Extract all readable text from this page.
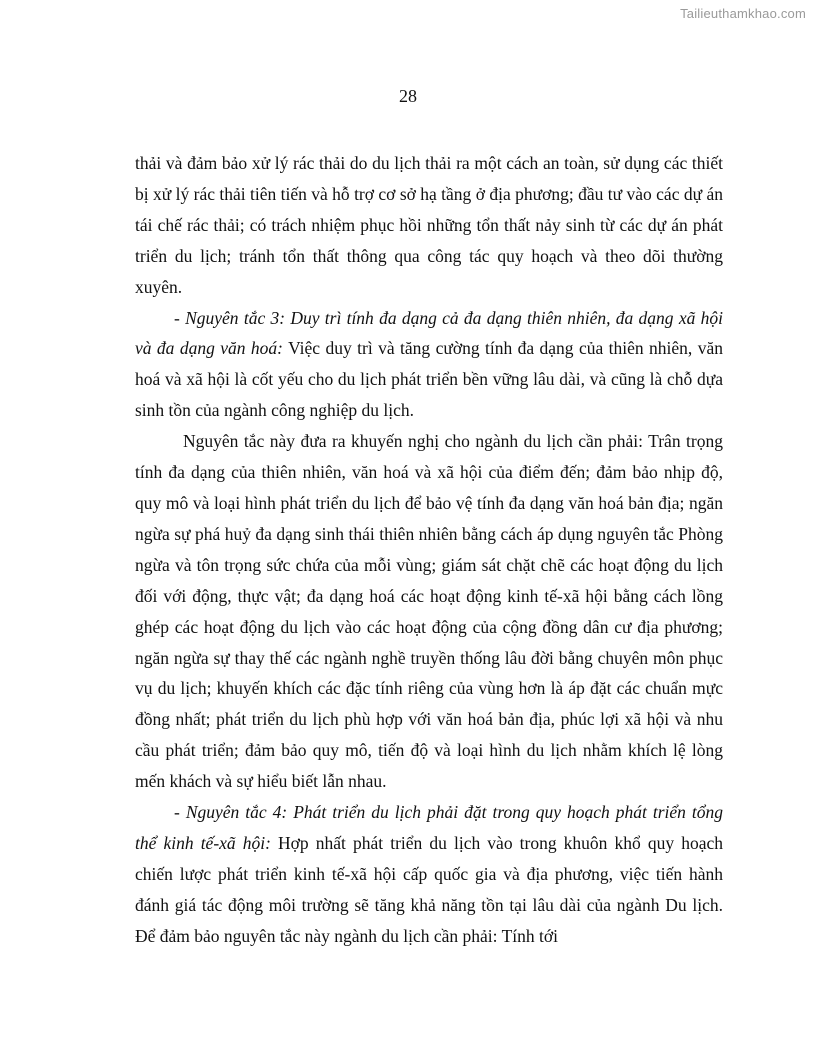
Tailieuthamkhao.com
28

thải và đảm bảo xử lý rác thải do du lịch thải ra một cách an toàn, sử dụng các thiết bị xử lý rác thải tiên tiến và hỗ trợ cơ sở hạ tầng ở địa phương; đầu tư vào các dự án tái chế rác thải; có trách nhiệm phục hồi những tổn thất nảy sinh từ các dự án phát triển du lịch; tránh tổn thất thông qua công tác quy hoạch và theo dõi thường xuyên.

- Nguyên tắc 3: Duy trì tính đa dạng cả đa dạng thiên nhiên, đa dạng xã hội và đa dạng văn hoá: Việc duy trì và tăng cường tính đa dạng của thiên nhiên, văn hoá và xã hội là cốt yếu cho du lịch phát triển bền vững lâu dài, và cũng là chỗ dựa sinh tồn của ngành công nghiệp du lịch.

Nguyên tắc này đưa ra khuyến nghị cho ngành du lịch cần phải: Trân trọng tính đa dạng của thiên nhiên, văn hoá và xã hội của điểm đến; đảm bảo nhịp độ, quy mô và loại hình phát triển du lịch để bảo vệ tính đa dạng văn hoá bản địa; ngăn ngừa sự phá huỷ đa dạng sinh thái thiên nhiên bằng cách áp dụng nguyên tắc Phòng ngừa và tôn trọng sức chứa của mỗi vùng; giám sát chặt chẽ các hoạt động du lịch đối với động, thực vật; đa dạng hoá các hoạt động kinh tế-xã hội bằng cách lồng ghép các hoạt động du lịch vào các hoạt động của cộng đồng dân cư địa phương; ngăn ngừa sự thay thế các ngành nghề truyền thống lâu đời bằng chuyên môn phục vụ du lịch; khuyến khích các đặc tính riêng của vùng hơn là áp đặt các chuẩn mực đồng nhất; phát triển du lịch phù hợp với văn hoá bản địa, phúc lợi xã hội và nhu cầu phát triển; đảm bảo quy mô, tiến độ và loại hình du lịch nhằm khích lệ lòng mến khách và sự hiểu biết lẫn nhau.

- Nguyên tắc 4: Phát triển du lịch phải đặt trong quy hoạch phát triển tổng thể kinh tế-xã hội: Hợp nhất phát triển du lịch vào trong khuôn khổ quy hoạch chiến lược phát triển kinh tế-xã hội cấp quốc gia và địa phương, việc tiến hành đánh giá tác động môi trường sẽ tăng khả năng tồn tại lâu dài của ngành Du lịch. Để đảm bảo nguyên tắc này ngành du lịch cần phải: Tính tới
